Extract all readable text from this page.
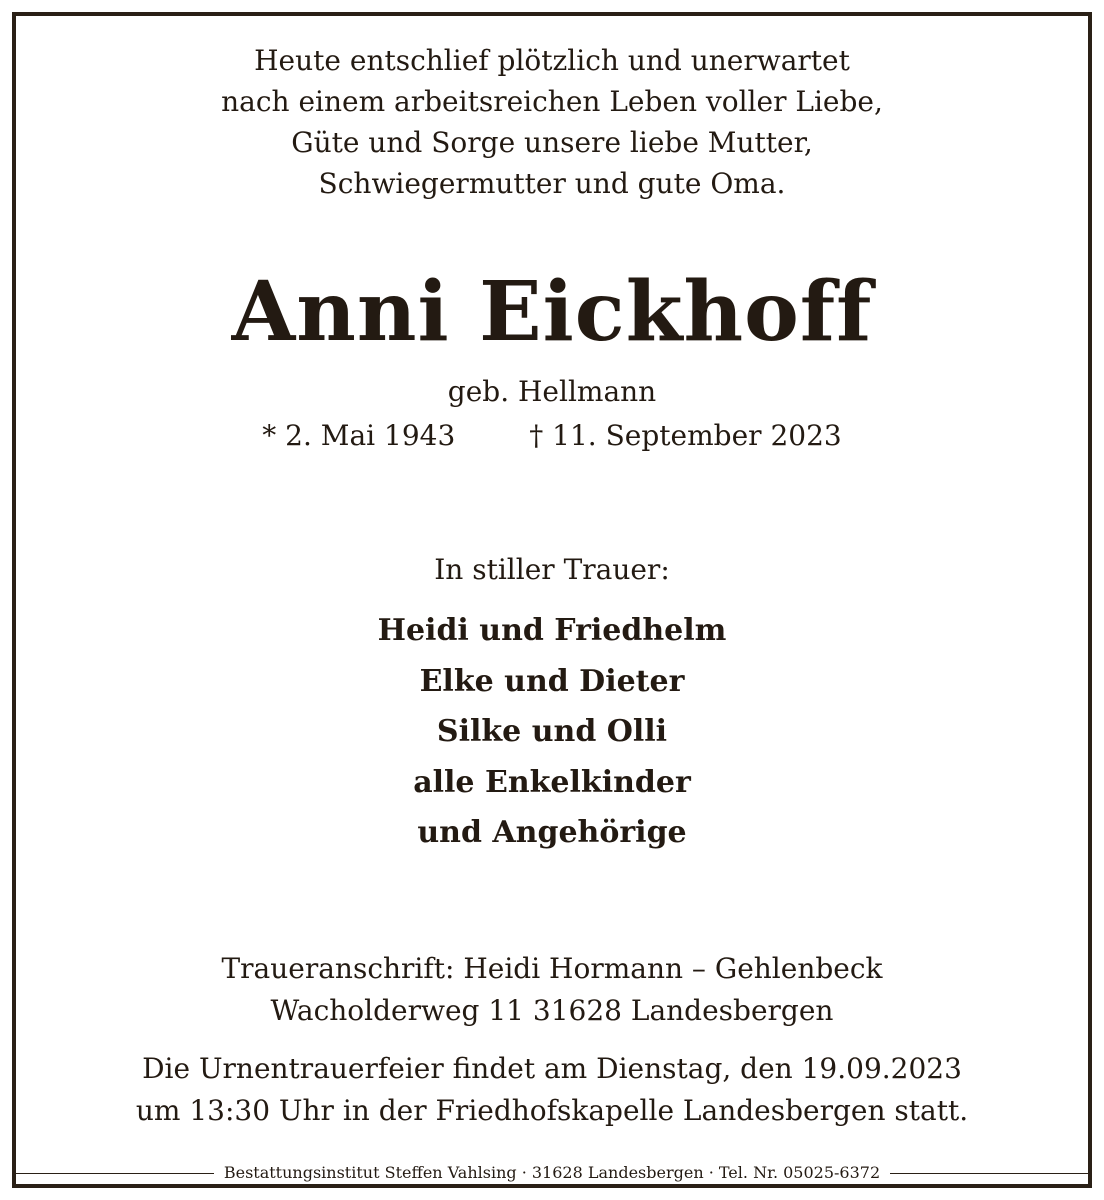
Heute entschlief plötzlich und unerwartet
nach einem arbeitsreichen Leben voller Liebe,
Güte und Sorge unsere liebe Mutter,
Schwiegermutter und gute Oma.
Anni Eickhoff
geb. Hellmann
* 2. Mai 1943	† 11. September 2023
In stiller Trauer:
Heidi und Friedhelm
Elke und Dieter
Silke und Olli
alle Enkelkinder
und Angehörige
Traueranschrift: Heidi Hormann – Gehlenbeck
Wacholderweg 11 31628 Landesbergen
Die Urnentrauerfeier findet am Dienstag, den 19.09.2023
um 13:30 Uhr in der Friedhofskapelle Landesbergen statt.
Bestattungsinstitut Steffen Vahlsing · 31628 Landesbergen · Tel. Nr. 05025-6372
